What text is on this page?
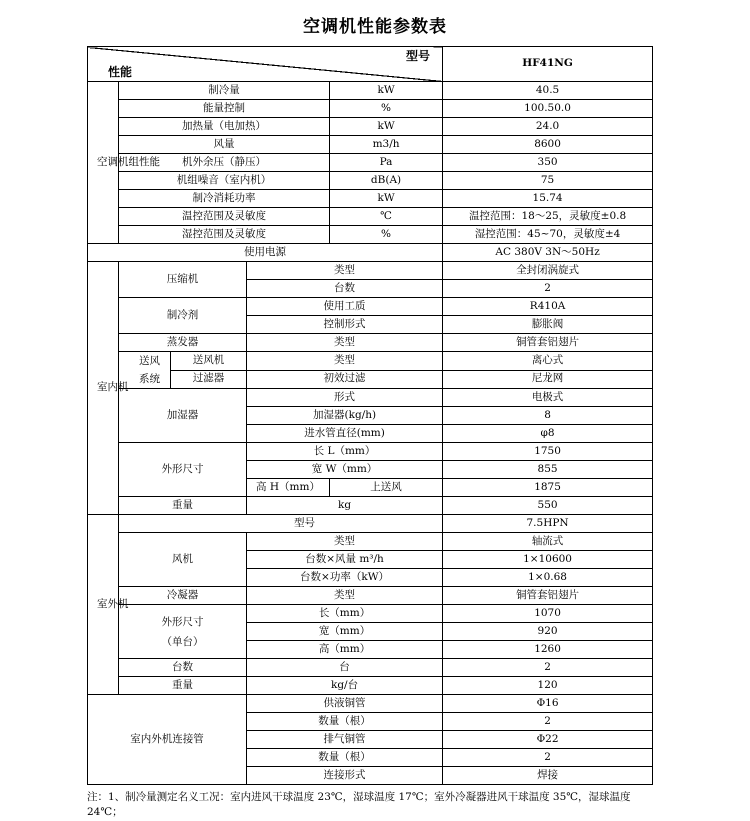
空调机性能参数表
型号
性能					HF41NG
空调机组性能	制冷量			kW	40.5
	能量控制			%	100.50.0
	加热量（电加热）			kW	24.0
	风量			m3/h	8600
	机外余压（静压）			Pa	350
	机组噪音（室内机）			dB(A)	75
	制冷消耗功率			kW	15.74
	温控范围及灵敏度			℃	温控范围：18～25，灵敏度±0.8
	湿控范围及灵敏度			%	湿控范围：45~70，灵敏度±4
使用电源					AC 380V 3N～50Hz
室内机	压缩机		类型		全封闭涡旋式
			台数		2
	制冷剂		使用工质		R410A
			控制形式		膨胀阀
	蒸发器		类型		铜管套铝翅片

	送风
系统	送风机	类型		离心式
		过滤器	初效过滤		尼龙网
	加湿器		形式		电极式
			加湿器(kg/h)		8
			进水管直径(mm)		φ8
	外形尺寸		长 L（mm）		1750
			宽 W（mm）		855
			高 H（mm）	上送风	1875
	重量		kg		550
室外机	型号				7.5HPN
	风机		类型		轴流式
			台数×风量 m³/h		1×10600
			台数×功率（kW）		1×0.68
	冷凝器		类型		铜管套铝翅片

	外形尺寸
（单台）		长（mm）		1070
			宽（mm）		920
			高（mm）		1260
	台数		台		2
	重量		kg/台		120
室内外机连接管			供液铜管		Φ16
			数量（根）		2
			排气铜管		Φ22
			数量（根）		2
			连接形式		焊接
注：1、制冷量测定名义工况：室内进风干球温度 23℃，湿球温度 17℃；室外冷凝器进风干球温度 35℃，湿球温度 24℃；
